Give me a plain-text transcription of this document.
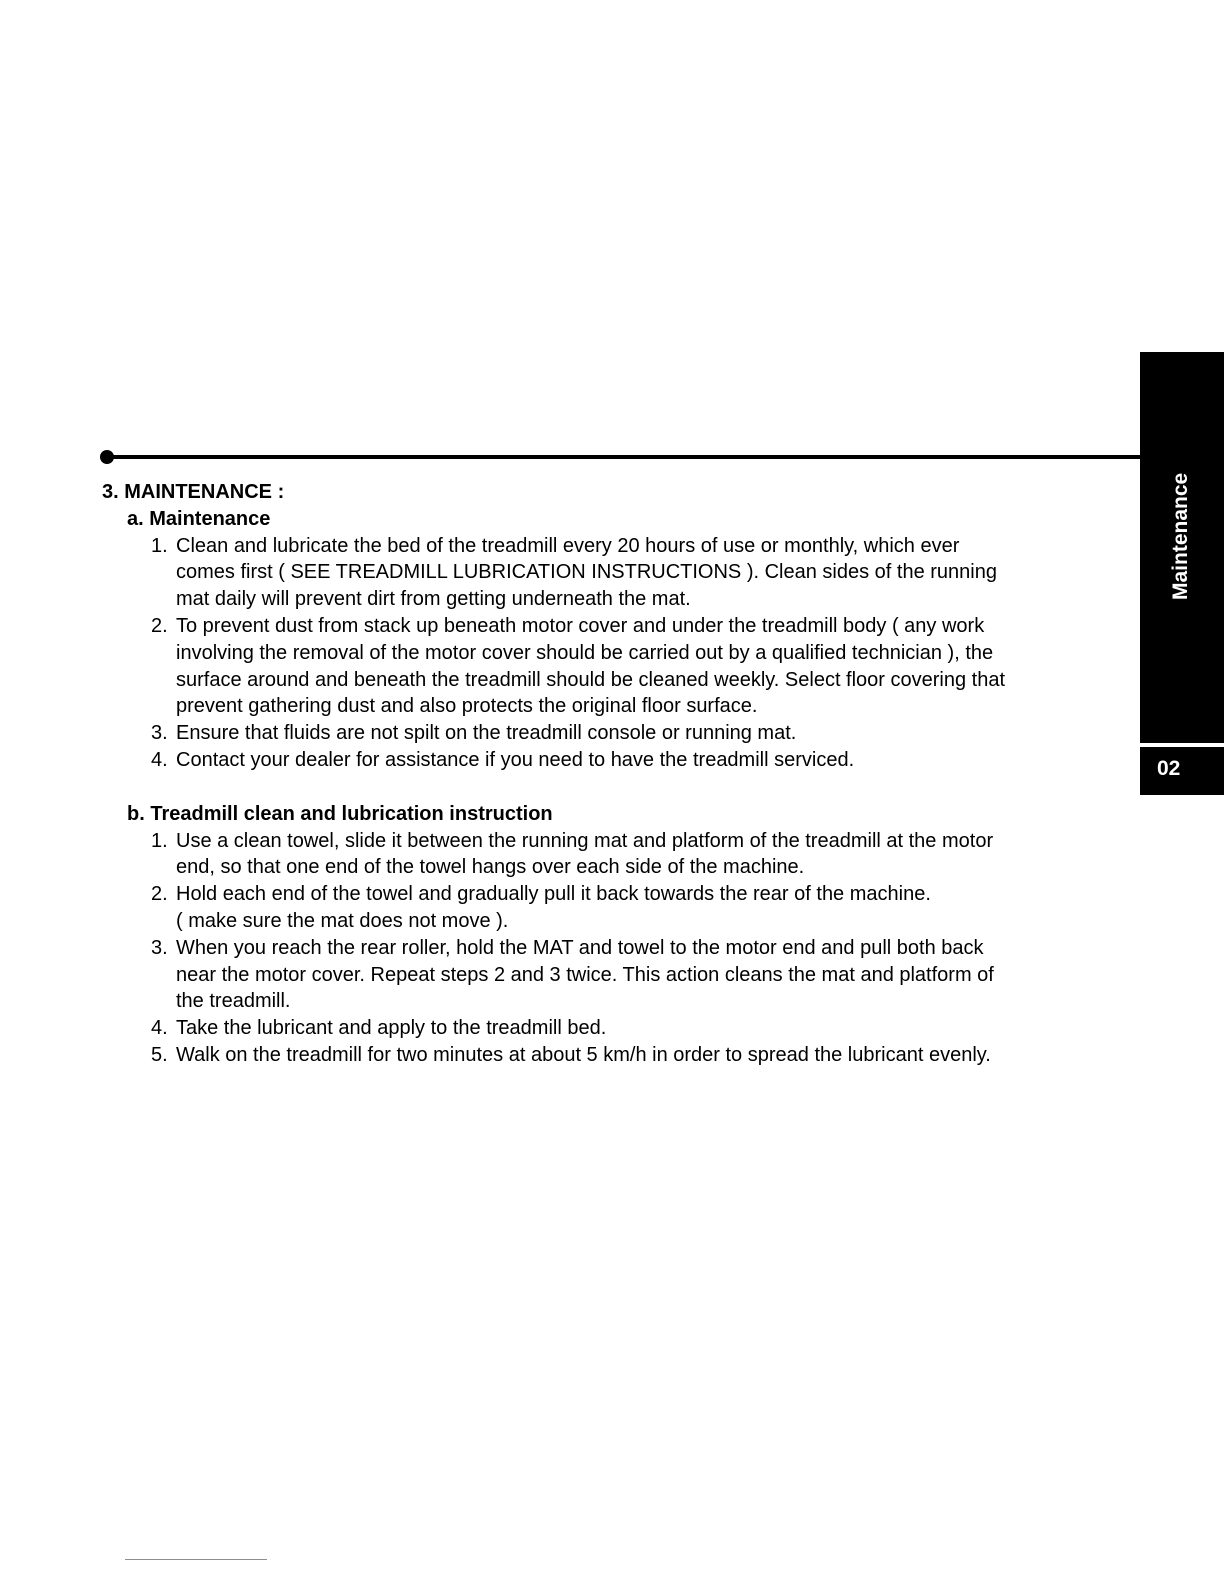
Maintenance
02
3. MAINTENANCE :
a. Maintenance
1. Clean and lubricate the bed of the treadmill every 20 hours of use or monthly, which ever
comes first ( SEE TREADMILL LUBRICATION INSTRUCTIONS ). Clean sides of the running
mat daily will prevent dirt from getting underneath the mat.
2. To prevent dust from stack up beneath motor cover and under the treadmill body ( any work
involving the removal of the motor cover should be carried out by a qualified technician ), the
surface around and beneath the treadmill should be cleaned weekly. Select floor covering that
prevent gathering dust and also protects the original floor surface.
3. Ensure that fluids are not spilt on the treadmill console or running mat.
4. Contact your dealer for assistance if you need to have the treadmill serviced.
b. Treadmill clean and lubrication instruction
1. Use a clean towel, slide it between the running mat and platform of the treadmill at the motor
end, so that one end of the towel hangs over each side of the machine.
2. Hold each end of the towel and gradually pull it back towards the rear of the machine.
( make sure the mat does not move ).
3. When you reach the rear roller, hold the MAT and towel to the motor end and pull both back
near the motor cover. Repeat steps 2 and 3 twice. This action cleans the mat and platform of
the treadmill.
4. Take the lubricant and apply to the treadmill bed.
5. Walk on the treadmill for two minutes at about 5 km/h in order to spread the lubricant evenly.
